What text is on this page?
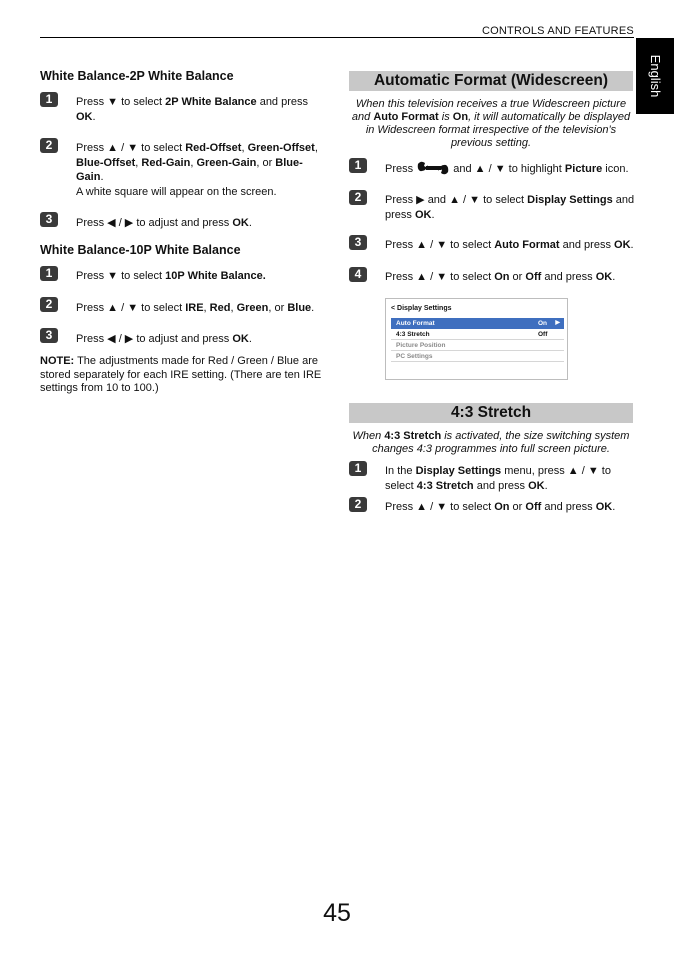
CONTROLS AND FEATURES
English
White Balance-2P White Balance
1	Press ▼ to select 2P White Balance and press OK.
2	Press ▲ / ▼ to select Red-Offset, Green-Offset, Blue-Offset, Red-Gain, Green-Gain, or Blue-Gain.
A white square will appear on the screen.
3	Press ◀ / ▶ to adjust and press OK.
White Balance-10P White Balance
1	Press ▼ to select 10P White Balance.
2	Press ▲ / ▼ to select IRE, Red, Green, or Blue.
3	Press ◀ / ▶ to adjust and press OK.
NOTE: The adjustments made for Red / Green / Blue are stored separately for each IRE setting. (There are ten IRE settings from 10 to 100.)
Automatic Format (Widescreen)
When this television receives a true Widescreen picture and Auto Format is On, it will automatically be displayed in Widescreen format irrespective of the television’s previous setting.
1	Press	and ▲ / ▼ to highlight Picture icon.
2	Press ▶ and ▲ / ▼ to select Display Settings and press OK.
3	Press ▲ / ▼ to select Auto Format and press OK.
4	Press ▲ / ▼ to select On or Off and press OK.
< Display Settings
Auto Format	On ▶
4:3 Stretch	Off
Picture Position
PC Settings
4:3 Stretch
When 4:3 Stretch is activated, the size switching system changes 4:3 programmes into full screen picture.
1	In the Display Settings menu, press ▲ / ▼ to select 4:3 Stretch and press OK.
2	Press ▲ / ▼ to select On or Off and press OK.
45
